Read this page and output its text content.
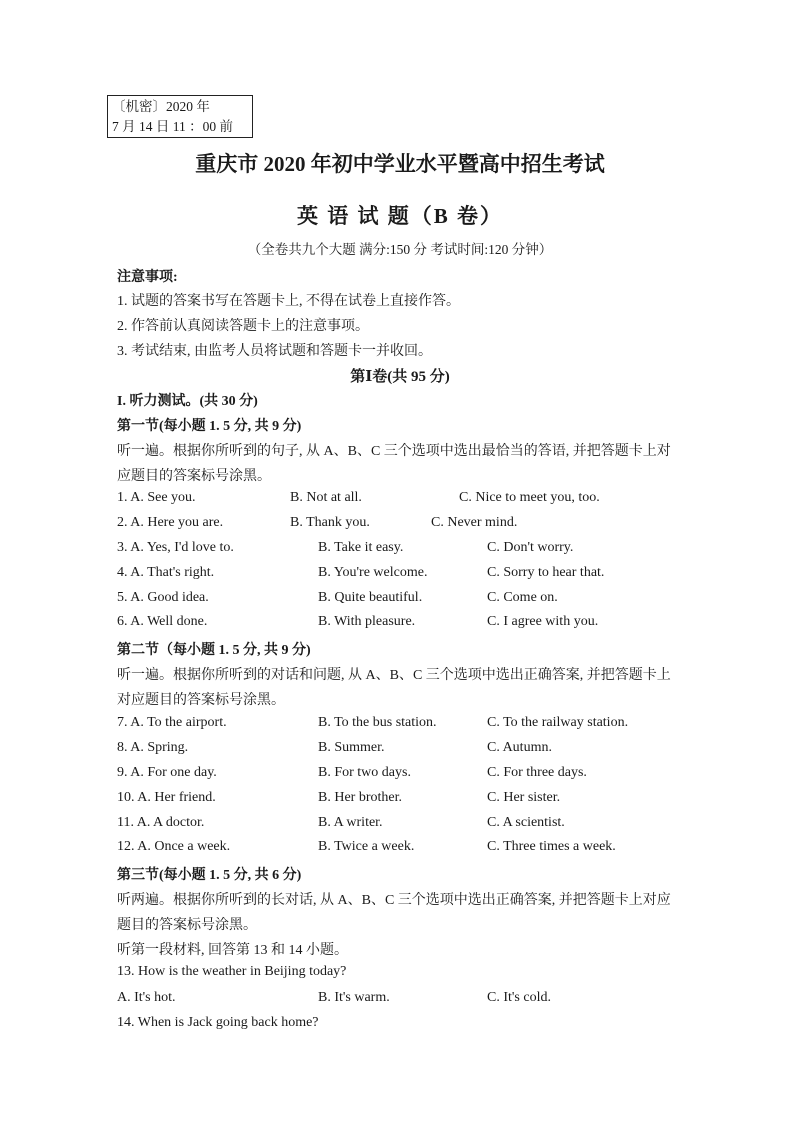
〔机密〕2020 年
7 月 14 日 11 ：00 前
重庆市 2020 年初中学业水平暨高中招生考试
英 语 试 题（B 卷）
（全卷共九个大题 满分:150 分 考试时间:120 分钟）
注意事项:
1. 试题的答案书写在答题卡上, 不得在试卷上直接作答。
2. 作答前认真阅读答题卡上的注意事项。
3. 考试结束, 由监考人员将试题和答题卡一并收回。
第Ⅰ卷(共 95 分)
I. 听力测试。(共 30 分)
第一节(每小题 1. 5 分, 共 9 分)
听一遍。根据你所听到的句子, 从 A、B、C 三个选项中选出最恰当的答语, 并把答题卡上对
应题目的答案标号涂黑。
1. A. See you.	B. Not at all.	C. Nice to meet you, too.
2. A. Here you are.	B. Thank you.	C. Never mind.
3. A. Yes, I'd love to.	B. Take it easy.	C. Don't worry.
4. A. That's right.	B. You're welcome.	C. Sorry to hear that.
5. A. Good idea.	B. Quite beautiful.	C. Come on.
6. A. Well done.	B. With pleasure.	C. I agree with you.
第二节（每小题 1. 5 分, 共 9 分)
听一遍。根据你所听到的对话和问题, 从 A、B、C 三个选项中选出正确答案, 并把答题卡上
对应题目的答案标号涂黑。
7. A. To the airport.	B. To the bus station.	C. To the railway station.
8. A. Spring.	B. Summer.	C. Autumn.
9. A. For one day.	B. For two days.	C. For three days.
10. A. Her friend.	B. Her brother.	C. Her sister.
11. A. A doctor.	B. A writer.	C. A scientist.
12. A. Once a week.	B. Twice a week.	C. Three times a week.
第三节(每小题 1. 5 分, 共 6 分)
听两遍。根据你所听到的长对话, 从 A、B、C 三个选项中选出正确答案, 并把答题卡上对应
题目的答案标号涂黑。
听第一段材料, 回答第 13 和 14 小题。
13. How is the weather in Beijing today?
A. It's hot.	B. It's warm.	C. It's cold.
14. When is Jack going back home?
